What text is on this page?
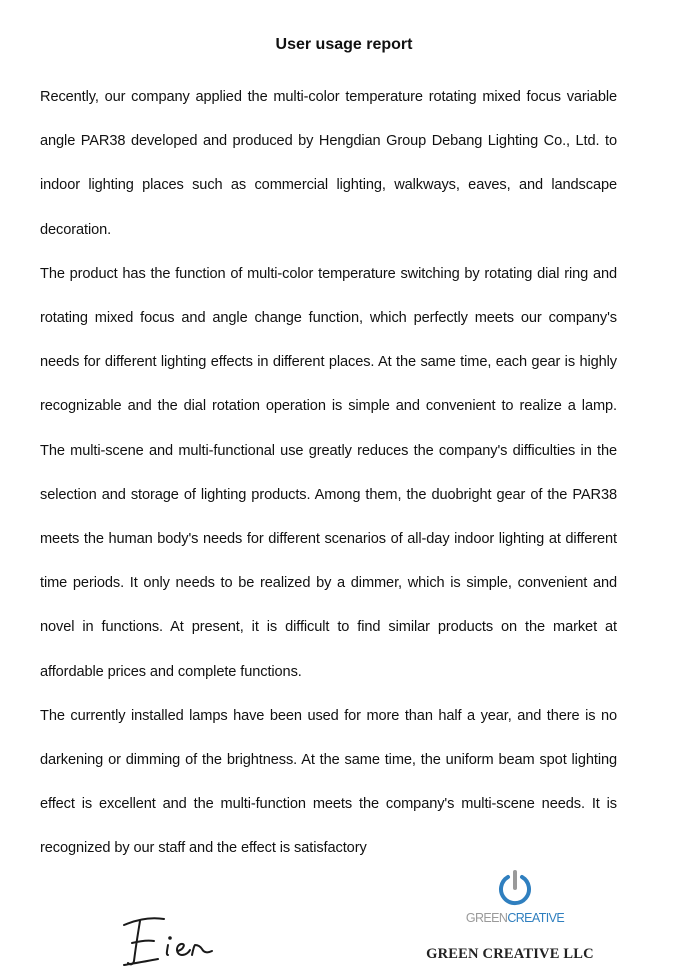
User usage report

Recently, our company applied the multi-color temperature rotating mixed focus variable angle PAR38 developed and produced by Hengdian Group Debang Lighting Co., Ltd. to indoor lighting places such as commercial lighting, walkways, eaves, and landscape decoration.

The product has the function of multi-color temperature switching by rotating dial ring and rotating mixed focus and angle change function, which perfectly meets our company's needs for different lighting effects in different places. At the same time, each gear is highly recognizable and the dial rotation operation is simple and convenient to realize a lamp. The multi-scene and multi-functional use greatly reduces the company's difficulties in the selection and storage of lighting products. Among them, the duobright gear of the PAR38 meets the human body's needs for different scenarios of all-day indoor lighting at different time periods. It only needs to be realized by a dimmer, which is simple, convenient and novel in functions. At present, it is difficult to find similar products on the market at affordable prices and complete functions.

The currently installed lamps have been used for more than half a year, and there is no darkening or dimming of the brightness. At the same time, the uniform beam spot lighting effect is excellent and the multi-function meets the company's multi-scene needs. It is recognized by our staff and the effect is satisfactory

GREENCREATIVE
GREEN CREATIVE LLC
